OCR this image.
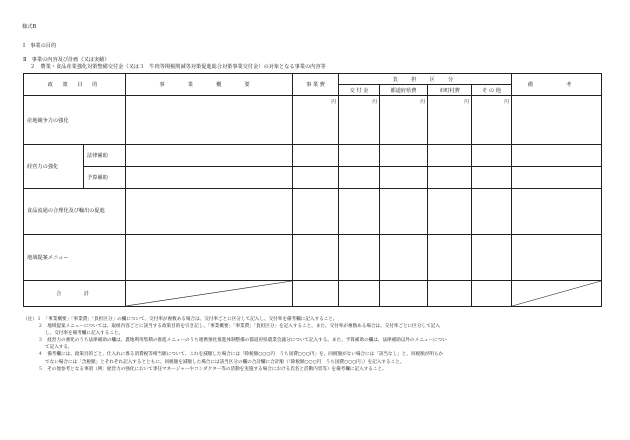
様式B
Ⅰ　事業の目的
Ⅱ　事業の内容及び計画（又は実績）
２　農業・食品産業強化対策整備交付金（又は３　牛肉等関税削減等対策促進総合対策事業交付金）の対象となる事業の内容等
政 策 目 的		事　業　概　要	事 業 費	負　担　区　分				備　考
				交 付 金	都道府県費	市町村費	そ の 他	
産地競争力の強化			円	円	円	円	円	

経営力の強化	法律補助							
	予算補助							
食品流通の合理化及び輸出の促進								
地域提案メニュー								
合　　計	

（注）１　「事業概要」「事業費」「負担区分」の欄について、交付率が複数ある場合は、交付率ごとに区分して記入し、交付率を備考欄に記入すること。
２　地域提案メニューについては、取組内容ごとに該当する政策目的を引き記し、「事業概要」「事業費」「負担区分」を記入すること。また、交付率が複数ある場合は、交付率ごとに区分して記入
し、交付率を備考欄に記入すること。
３　経営力の強化のうち法律補助の欄は、農地利用集積の推進メニューのうち連携強化推進体制整備の都道府県農業会議分について記入する。また、予算補助の欄は、法律補助以外のメニューについ
て記入する。
４　備考欄には、政策目的ごと、仕入れに係る消費税等相当額について、これを減額した場合には「除税額○○○円　うち国費○○○円」を、同税額がない場合には「該当なし」と、同税額が明らか
でない場合には「含税額」とそれぞれ記入するとともに、同税額を減額した場合には該当区分の欄の合計欄に合計額（「除税額○○○円　うち国費○○○円」）を記入すること。
５　その他参考となる事項（例：経営力の強化において専任マネージャーやコンダクター等の活動を実施する場合における氏名と活動内容等）を備考欄に記入すること。
